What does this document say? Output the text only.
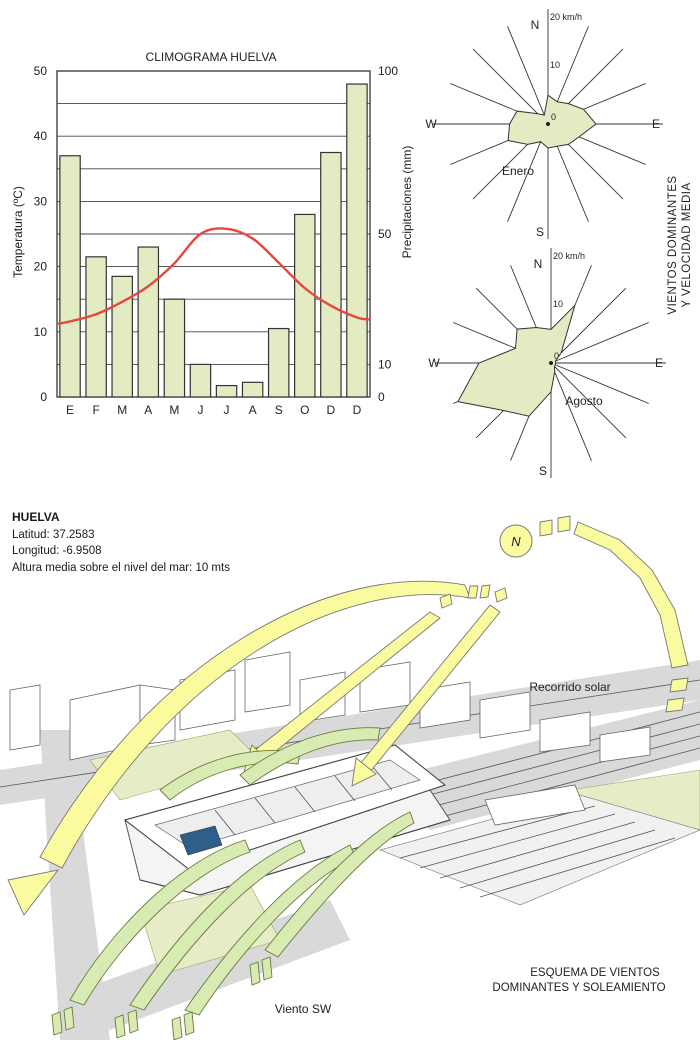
CLIMOGRAMA HUELVA
0
10
20
30
40
50
0
10
50
100
E F M A M J J A S O D D
Temperatura (ºC)	Precipitaciones (mm)
20 km/h
10
0
N
E
S
W
Enero
20 km/h
10
0
N
E
S
W
Agosto
VIENTOS DOMINANTES Y VELOCIDAD MEDIA
N
Recorrido solar
Viento SW
ESQUEMA DE VIENTOS
DOMINANTES Y SOLEAMIENTO
HUELVA
Latitud: 37.2583
Longitud: -6.9508
Altura media sobre el nivel del mar: 10 mts
